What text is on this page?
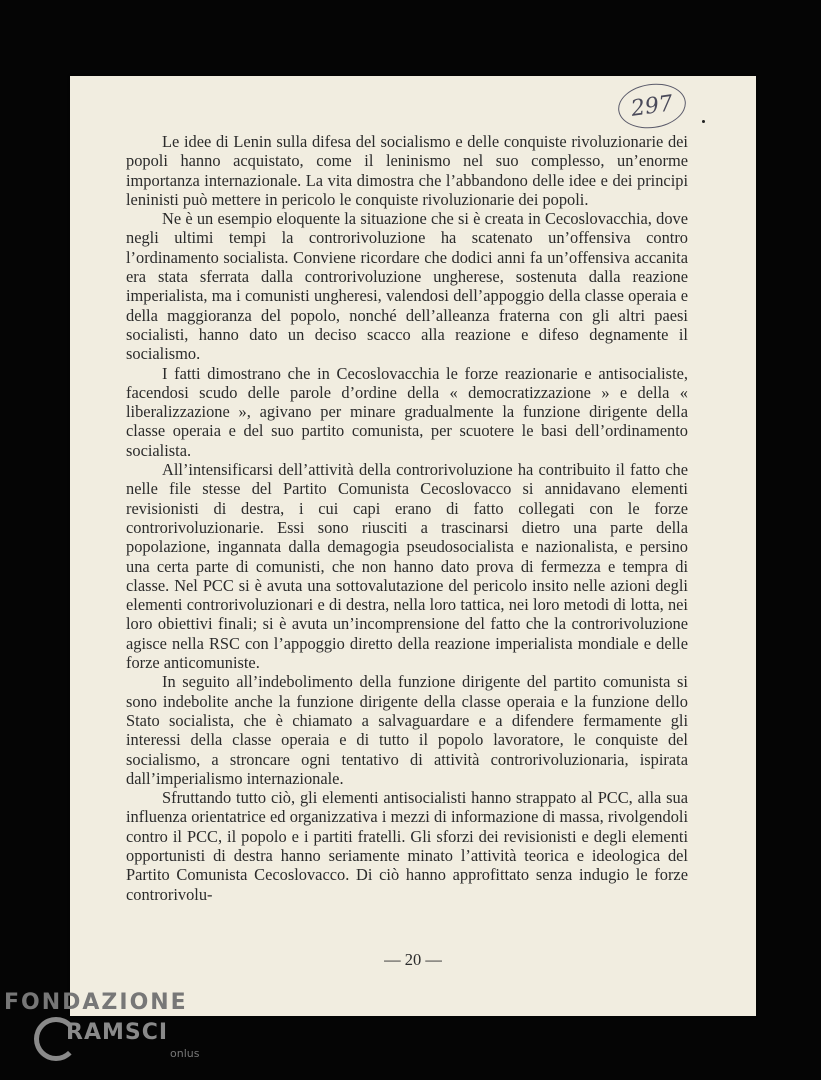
297

Le idee di Lenin sulla difesa del socialismo e delle conquiste rivoluzionarie dei popoli hanno acquistato, come il leninismo nel suo complesso, un’enorme importanza internazionale. La vita dimostra che l’abbandono delle idee e dei principi leninisti può mettere in pericolo le conquiste rivoluzionarie dei popoli.

Ne è un esempio eloquente la situazione che si è creata in Cecoslovacchia, dove negli ultimi tempi la controrivoluzione ha scatenato un’offensiva contro l’ordinamento socialista. Conviene ricordare che dodici anni fa un’offensiva accanita era stata sferrata dalla controrivoluzione ungherese, sostenuta dalla reazione imperialista, ma i comunisti ungheresi, valendosi dell’appoggio della classe operaia e della maggioranza del popolo, nonché dell’alleanza fraterna con gli altri paesi socialisti, hanno dato un deciso scacco alla reazione e difeso degnamente il socialismo.

I fatti dimostrano che in Cecoslovacchia le forze reazionarie e antisocialiste, facendosi scudo delle parole d’ordine della « democratizzazione » e della « liberalizzazione », agivano per minare gradualmente la funzione dirigente della classe operaia e del suo partito comunista, per scuotere le basi dell’ordinamento socialista.

All’intensificarsi dell’attività della controrivoluzione ha contribuito il fatto che nelle file stesse del Partito Comunista Cecoslovacco si annidavano elementi revisionisti di destra, i cui capi erano di fatto collegati con le forze controrivoluzionarie. Essi sono riusciti a trascinarsi dietro una parte della popolazione, ingannata dalla demagogia pseudosocialista e nazionalista, e persino una certa parte di comunisti, che non hanno dato prova di fermezza e tempra di classe. Nel PCC si è avuta una sottovalutazione del pericolo insito nelle azioni degli elementi controrivoluzionari e di destra, nella loro tattica, nei loro metodi di lotta, nei loro obiettivi finali; si è avuta un’incomprensione del fatto che la controrivoluzione agisce nella RSC con l’appoggio diretto della reazione imperialista mondiale e delle forze anticomuniste.

In seguito all’indebolimento della funzione dirigente del partito comunista si sono indebolite anche la funzione dirigente della classe operaia e la funzione dello Stato socialista, che è chiamato a salvaguardare e a difendere fermamente gli interessi della classe operaia e di tutto il popolo lavoratore, le conquiste del socialismo, a stroncare ogni tentativo di attività controrivoluzionaria, ispirata dall’imperialismo internazionale.

Sfruttando tutto ciò, gli elementi antisocialisti hanno strappato al PCC, alla sua influenza orientatrice ed organizzativa i mezzi di informazione di massa, rivolgendoli contro il PCC, il popolo e i partiti fratelli. Gli sforzi dei revisionisti e degli elementi opportunisti di destra hanno seriamente minato l’attività teorica e ideologica del Partito Comunista Cecoslovacco. Di ciò hanno approfittato senza indugio le forze controrivolu-

— 20 —
FONDAZIONE
RAMSCI
onlus
